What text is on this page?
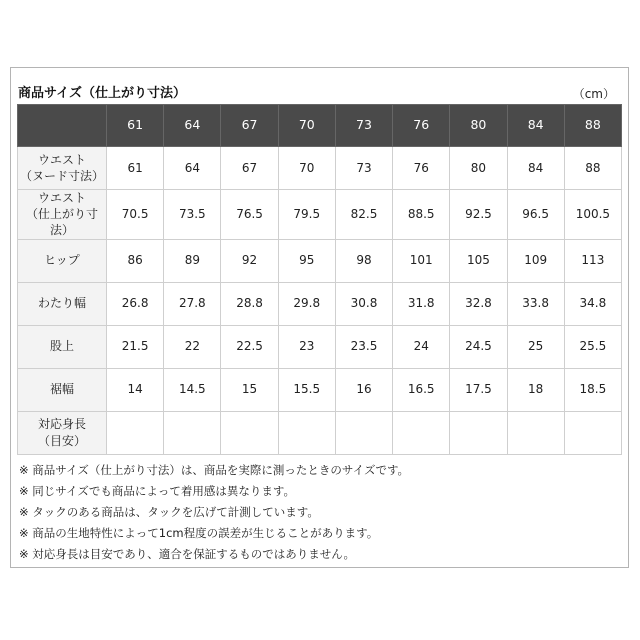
商品サイズ（仕上がり寸法）	（cm）
	61	64	67	70	73	76	80	84	88
ウエスト
（ヌード寸法）	61	64	67	70	73	76	80	84	88
ウエスト
（仕上がり寸法）	70.5	73.5	76.5	79.5	82.5	88.5	92.5	96.5	100.5
ヒップ	86	89	92	95	98	101	105	109	113
わたり幅	26.8	27.8	28.8	29.8	30.8	31.8	32.8	33.8	34.8
股上	21.5	22	22.5	23	23.5	24	24.5	25	25.5
裾幅	14	14.5	15	15.5	16	16.5	17.5	18	18.5
対応身長
（目安）									
※ 商品サイズ（仕上がり寸法）は、商品を実際に測ったときのサイズです。
※ 同じサイズでも商品によって着用感は異なります。
※ タックのある商品は、タックを広げて計測しています。
※ 商品の生地特性によって1cm程度の誤差が生じることがあります。
※ 対応身長は目安であり、適合を保証するものではありません。
